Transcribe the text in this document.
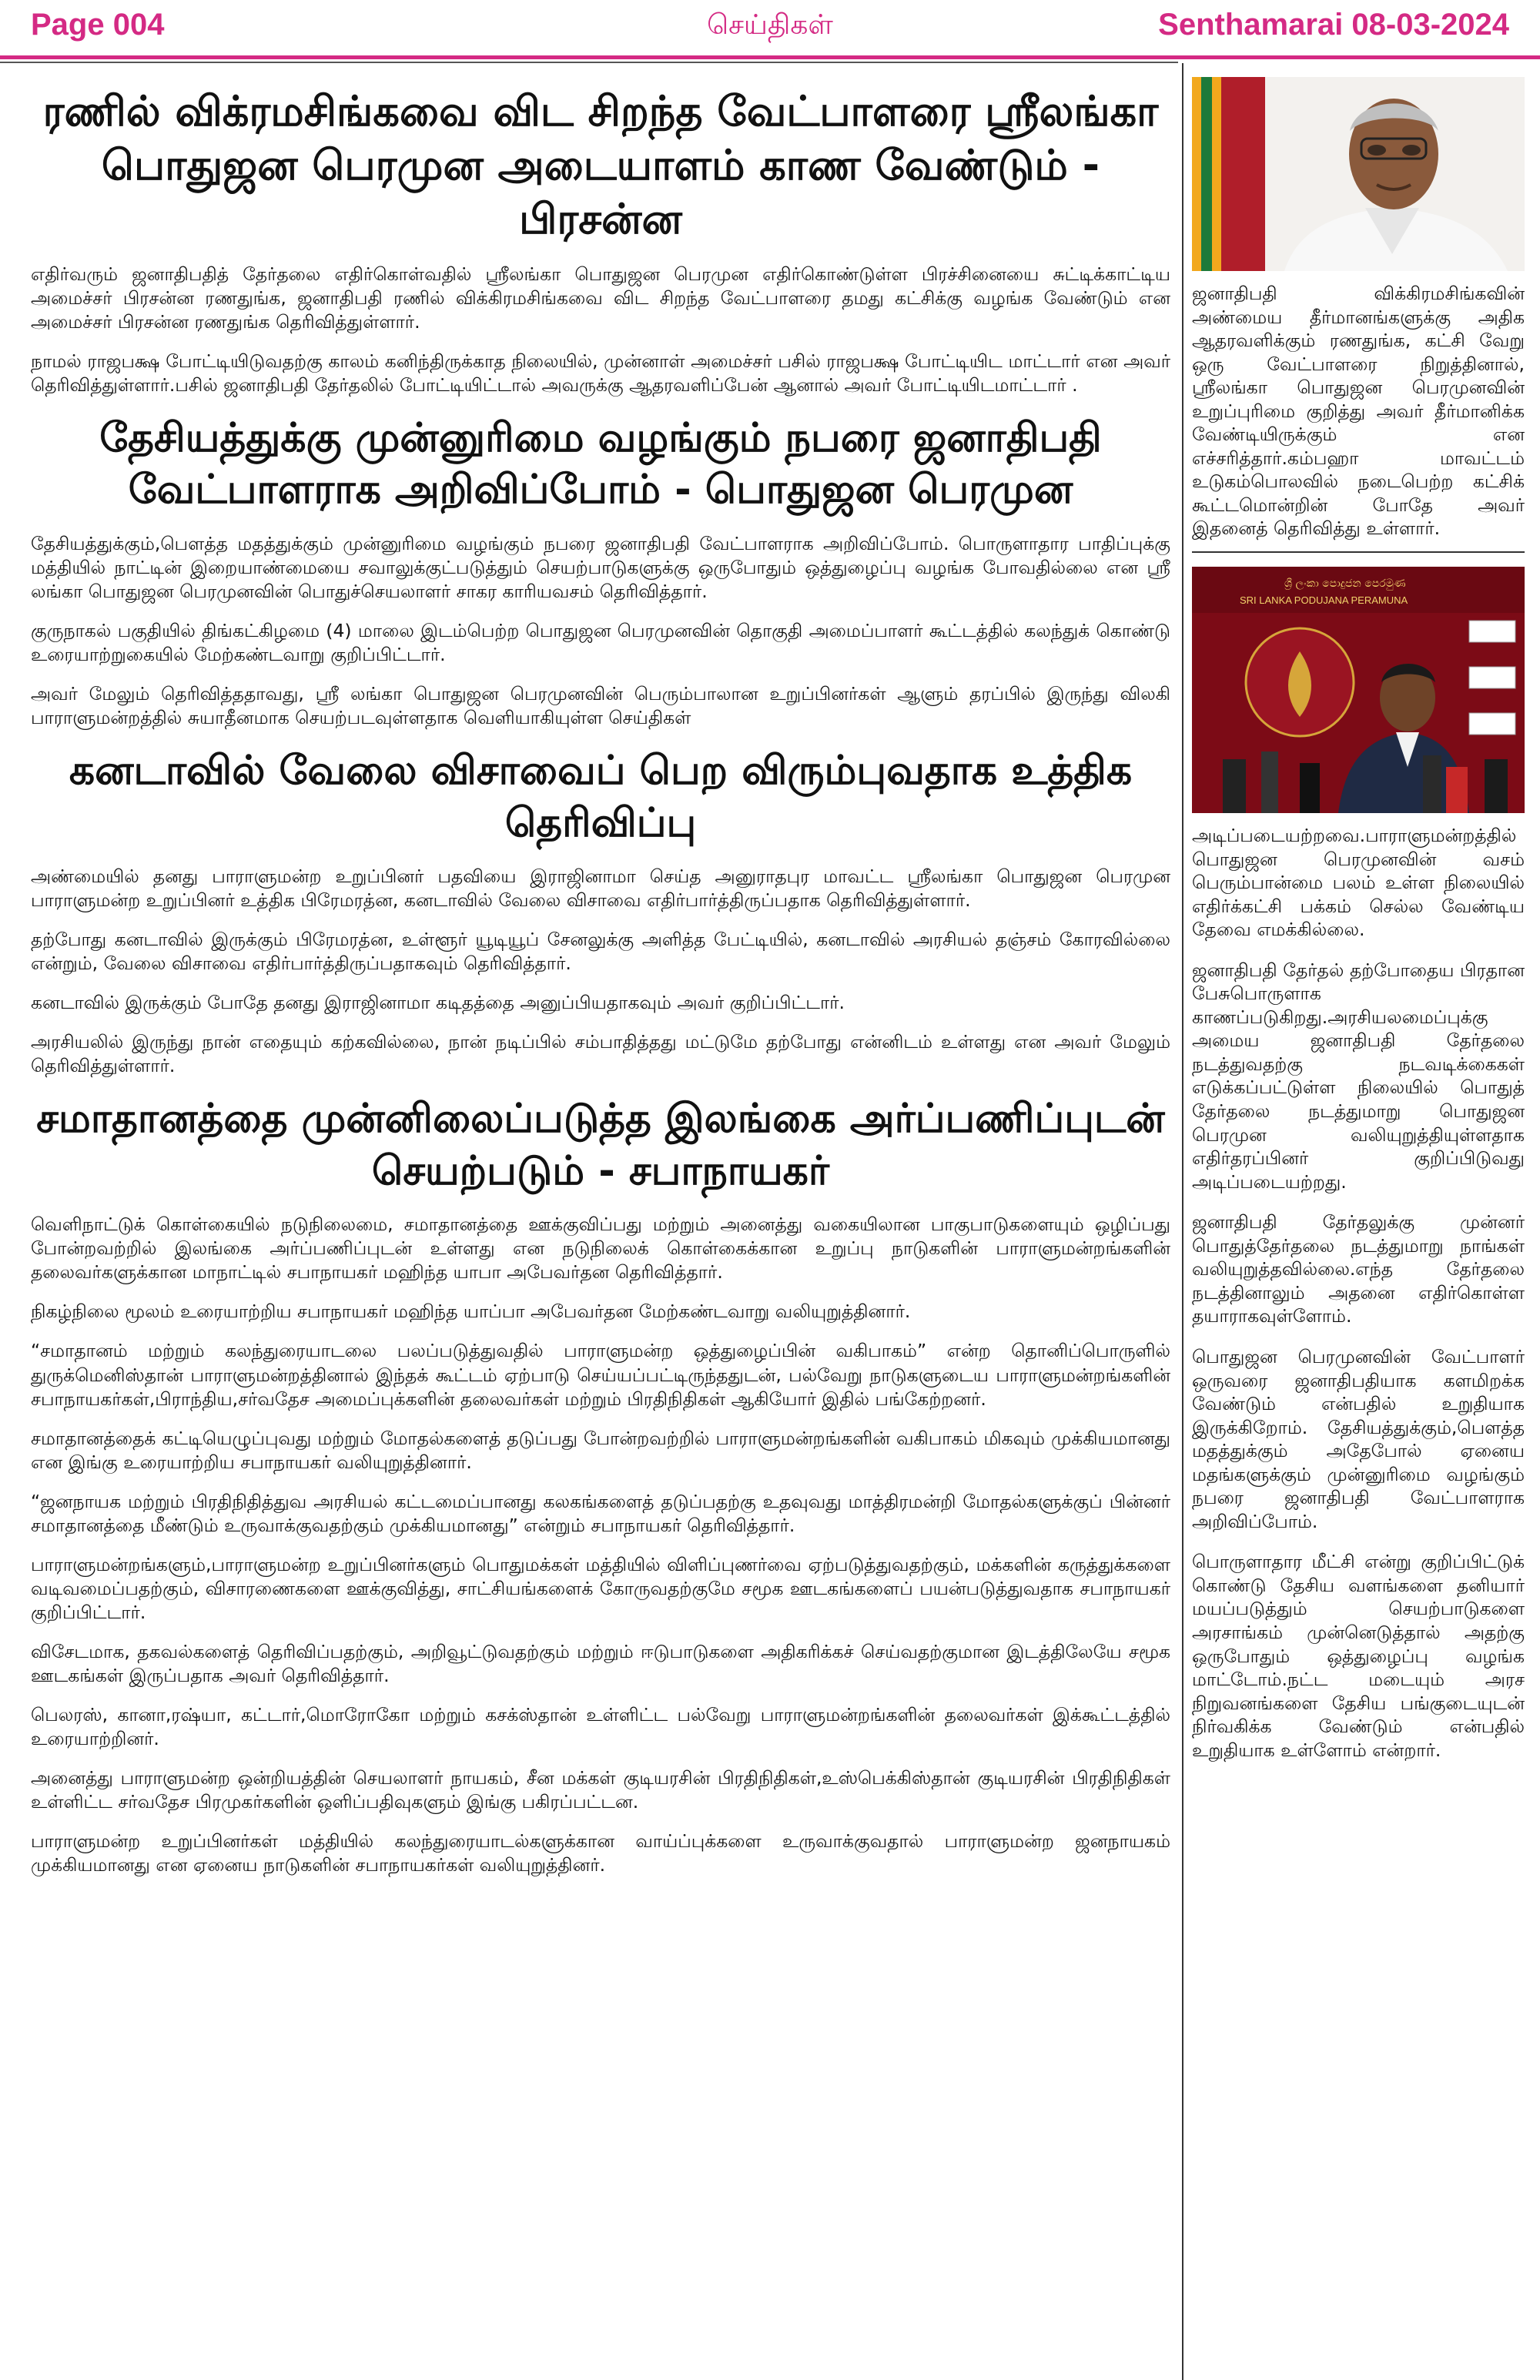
Page 004	செய்திகள்	Senthamarai 08-03-2024
ரணில் விக்ரமசிங்கவை விட சிறந்த வேட்பாளரை ஸ்ரீலங்கா பொதுஜன பெரமுன அடையாளம் காண வேண்டும் - பிரசன்ன

எதிர்வரும் ஜனாதிபதித் தேர்தலை எதிர்கொள்வதில் ஸ்ரீலங்கா பொதுஜன பெரமுன எதிர்கொண்டுள்ள பிரச்சினையை சுட்டிக்காட்டிய அமைச்சர் பிரசன்ன ரணதுங்க, ஜனாதிபதி ரணில் விக்கிரமசிங்கவை விட சிறந்த வேட்பாளரை தமது கட்சிக்கு வழங்க வேண்டும் என அமைச்சர் பிரசன்ன ரணதுங்க தெரிவித்துள்ளார்.

நாமல் ராஜபக்ஷ போட்டியிடுவதற்கு காலம் கனிந்திருக்காத நிலையில், முன்னாள் அமைச்சர் பசில் ராஜபக்ஷ போட்டியிட மாட்டார் என அவர் தெரிவித்துள்ளார்.பசில் ஜனாதிபதி தேர்தலில் போட்டியிட்டால் அவருக்கு ஆதரவளிப்பேன் ஆனால் அவர் போட்டியிடமாட்டார் .

தேசியத்துக்கு முன்னுரிமை வழங்கும் நபரை ஜனாதிபதி வேட்பாளராக அறிவிப்போம் - பொதுஜன பெரமுன

தேசியத்துக்கும்,பௌத்த மதத்துக்கும் முன்னுரிமை வழங்கும் நபரை ஜனாதிபதி வேட்பாளராக அறிவிப்போம். பொருளாதார பாதிப்புக்கு மத்தியில் நாட்டின் இறையாண்மையை சவாலுக்குட்படுத்தும் செயற்பாடுகளுக்கு ஒருபோதும் ஒத்துழைப்பு வழங்க போவதில்லை என ஸ்ரீ லங்கா பொதுஜன பெரமுனவின் பொதுச்செயலாளர் சாகர காரியவசம் தெரிவித்தார்.

குருநாகல் பகுதியில் திங்கட்கிழமை (4) மாலை இடம்பெற்ற பொதுஜன பெரமுனவின் தொகுதி அமைப்பாளர் கூட்டத்தில் கலந்துக் கொண்டு உரையாற்றுகையில் மேற்கண்டவாறு குறிப்பிட்டார்.

அவர் மேலும் தெரிவித்ததாவது, ஸ்ரீ லங்கா பொதுஜன பெரமுனவின் பெரும்பாலான உறுப்பினர்கள் ஆளும் தரப்பில் இருந்து விலகி பாராளுமன்றத்தில் சுயாதீனமாக செயற்படவுள்ளதாக வெளியாகியுள்ள செய்திகள்

கனடாவில் வேலை விசாவைப் பெற விரும்புவதாக உத்திக தெரிவிப்பு

அண்மையில் தனது பாராளுமன்ற உறுப்பினர் பதவியை இராஜினாமா செய்த அனுராதபுர மாவட்ட ஸ்ரீலங்கா பொதுஜன பெரமுன பாராளுமன்ற உறுப்பினர் உத்திக பிரேமரத்ன, கனடாவில் வேலை விசாவை எதிர்பார்த்திருப்பதாக தெரிவித்துள்ளார்.

தற்போது கனடாவில் இருக்கும் பிரேமரத்ன, உள்ளூர் யூடியூப் சேனலுக்கு அளித்த பேட்டியில், கனடாவில் அரசியல் தஞ்சம் கோரவில்லை என்றும், வேலை விசாவை எதிர்பார்த்திருப்பதாகவும் தெரிவித்தார்.

கனடாவில் இருக்கும் போதே தனது இராஜினாமா கடிதத்தை அனுப்பியதாகவும் அவர் குறிப்பிட்டார்.

அரசியலில் இருந்து நான் எதையும் கற்கவில்லை, நான் நடிப்பில் சம்பாதித்தது மட்டுமே தற்போது என்னிடம் உள்ளது என அவர் மேலும் தெரிவித்துள்ளார்.

சமாதானத்தை முன்னிலைப்படுத்த இலங்கை அர்ப்பணிப்புடன் செயற்படும் - சபாநாயகர்

வெளிநாட்டுக் கொள்கையில் நடுநிலைமை, சமாதானத்தை ஊக்குவிப்பது மற்றும் அனைத்து வகையிலான பாகுபாடுகளையும் ஒழிப்பது போன்றவற்றில் இலங்கை அர்ப்பணிப்புடன் உள்ளது என நடுநிலைக் கொள்கைக்கான உறுப்பு நாடுகளின் பாராளுமன்றங்களின் தலைவர்களுக்கான மாநாட்டில் சபாநாயகர் மஹிந்த யாபா அபேவர்தன தெரிவித்தார்.

நிகழ்நிலை மூலம் உரையாற்றிய சபாநாயகர் மஹிந்த யாப்பா அபேவர்தன மேற்கண்டவாறு வலியுறுத்தினார்.

“சமாதானம் மற்றும் கலந்துரையாடலை பலப்படுத்துவதில் பாராளுமன்ற ஒத்துழைப்பின் வகிபாகம்” என்ற தொனிப்பொருளில் துருக்மெனிஸ்தான் பாராளுமன்றத்தினால் இந்தக் கூட்டம் ஏற்பாடு செய்யப்பட்டிருந்ததுடன், பல்வேறு நாடுகளுடைய பாராளுமன்றங்களின் சபாநாயகர்கள்,பிராந்திய,சர்வதேச அமைப்புக்களின் தலைவர்கள் மற்றும் பிரதிநிதிகள் ஆகியோர் இதில் பங்கேற்றனர்.

சமாதானத்தைக் கட்டியெழுப்புவது மற்றும் மோதல்களைத் தடுப்பது போன்றவற்றில் பாராளுமன்றங்களின் வகிபாகம் மிகவும் முக்கியமானது என இங்கு உரையாற்றிய சபாநாயகர் வலியுறுத்தினார்.

“ஜனநாயக மற்றும் பிரதிநிதித்துவ அரசியல் கட்டமைப்பானது கலகங்களைத் தடுப்பதற்கு உதவுவது மாத்திரமன்றி மோதல்களுக்குப் பின்னர் சமாதானத்தை மீண்டும் உருவாக்குவதற்கும் முக்கியமானது” என்றும் சபாநாயகர் தெரிவித்தார்.

பாராளுமன்றங்களும்,பாராளுமன்ற உறுப்பினர்களும் பொதுமக்கள் மத்தியில் விளிப்புணர்வை ஏற்படுத்துவதற்கும், மக்களின் கருத்துக்களை வடிவமைப்பதற்கும், விசாரணைகளை ஊக்குவித்து, சாட்சியங்களைக் கோருவதற்குமே சமூக ஊடகங்களைப் பயன்படுத்துவதாக சபாநாயகர் குறிப்பிட்டார்.

விசேடமாக, தகவல்களைத் தெரிவிப்பதற்கும், அறிவூட்டுவதற்கும் மற்றும் ஈடுபாடுகளை அதிகரிக்கச் செய்வதற்குமான இடத்திலேயே சமூக ஊடகங்கள் இருப்பதாக அவர் தெரிவித்தார்.

பெலரஸ், கானா,ரஷ்யா, கட்டார்,மொரோகோ மற்றும் கசக்ஸ்தான் உள்ளிட்ட பல்வேறு பாராளுமன்றங்களின் தலைவர்கள் இக்கூட்டத்தில் உரையாற்றினர்.

அனைத்து பாராளுமன்ற ஒன்றியத்தின் செயலாளர் நாயகம், சீன மக்கள் குடியரசின் பிரதிநிதிகள்,உஸ்பெக்கிஸ்தான் குடியரசின் பிரதிநிதிகள் உள்ளிட்ட சர்வதேச பிரமுகர்களின் ஒளிப்பதிவுகளும் இங்கு பகிரப்பட்டன.

பாராளுமன்ற உறுப்பினர்கள் மத்தியில் கலந்துரையாடல்களுக்கான வாய்ப்புக்களை உருவாக்குவதால் பாராளுமன்ற ஜனநாயகம் முக்கியமானது என ஏனைய நாடுகளின் சபாநாயகர்கள் வலியுறுத்தினர்.

ஜனாதிபதி விக்கிரமசிங்கவின் அண்மைய தீர்மானங்களுக்கு அதிக ஆதரவளிக்கும் ரணதுங்க, கட்சி வேறு ஒரு வேட்பாளரை நிறுத்தினால், ஸ்ரீலங்கா பொதுஜன பெரமுனவின் உறுப்புரிமை குறித்து அவர் தீர்மானிக்க வேண்டியிருக்கும் என எச்சரித்தார்.கம்பஹா மாவட்டம் உடுகம்பொலவில் நடைபெற்ற கட்சிக் கூட்டமொன்றின் போதே அவர் இதனைத் தெரிவித்து உள்ளார்.

ශ්‍රී ලංකා පොදුජන පෙරමුණ
SRI LANKA PODUJANA PERAMUNA

அடிப்படையற்றவை.பாராளுமன்றத்தில் பொதுஜன பெரமுனவின் வசம் பெரும்பான்மை பலம் உள்ள நிலையில் எதிர்க்கட்சி பக்கம் செல்ல வேண்டிய தேவை எமக்கில்லை.

ஜனாதிபதி தேர்தல் தற்போதைய பிரதான பேசுபொருளாக காணப்படுகிறது.அரசியலமைப்புக்கு அமைய ஜனாதிபதி தேர்தலை நடத்துவதற்கு நடவடிக்கைகள் எடுக்கப்பட்டுள்ள நிலையில் பொதுத் தேர்தலை நடத்துமாறு பொதுஜன பெரமுன வலியுறுத்தியுள்ளதாக எதிர்தரப்பினர் குறிப்பிடுவது அடிப்படையற்றது.

ஜனாதிபதி தேர்தலுக்கு முன்னர் பொதுத்தேர்தலை நடத்துமாறு நாங்கள் வலியுறுத்தவில்லை.எந்த தேர்தலை நடத்தினாலும் அதனை எதிர்கொள்ள தயாராகவுள்ளோம்.

பொதுஜன பெரமுனவின் வேட்பாளர் ஒருவரை ஜனாதிபதியாக களமிறக்க வேண்டும் என்பதில் உறுதியாக இருக்கிறோம். தேசியத்துக்கும்,பௌத்த மதத்துக்கும் அதேபோல் ஏனைய மதங்களுக்கும் முன்னுரிமை வழங்கும் நபரை ஜனாதிபதி வேட்பாளராக அறிவிப்போம்.

பொருளாதார மீட்சி என்று குறிப்பிட்டுக் கொண்டு தேசிய வளங்களை தனியார் மயப்படுத்தும் செயற்பாடுகளை அரசாங்கம் முன்னெடுத்தால் அதற்கு ஒருபோதும் ஒத்துழைப்பு வழங்க மாட்டோம்.நட்ட மடையும் அரச நிறுவனங்களை தேசிய பங்குடையுடன் நிர்வகிக்க வேண்டும் என்பதில் உறுதியாக உள்ளோம் என்றார்.
